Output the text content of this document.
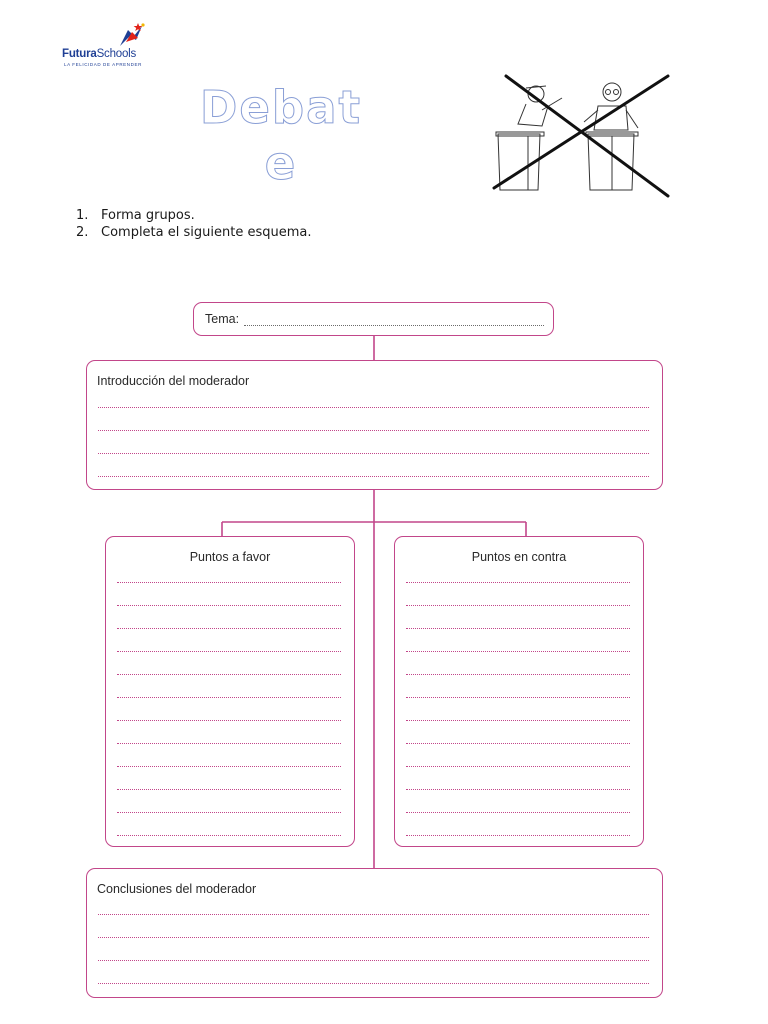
FuturaSchools
LA FELICIDAD DE APRENDER
Debate
1. Forma grupos.
2. Completa el siguiente esquema.
Tema:
Introducción del moderador
Puntos a favor	Puntos en contra
Conclusiones del moderador
